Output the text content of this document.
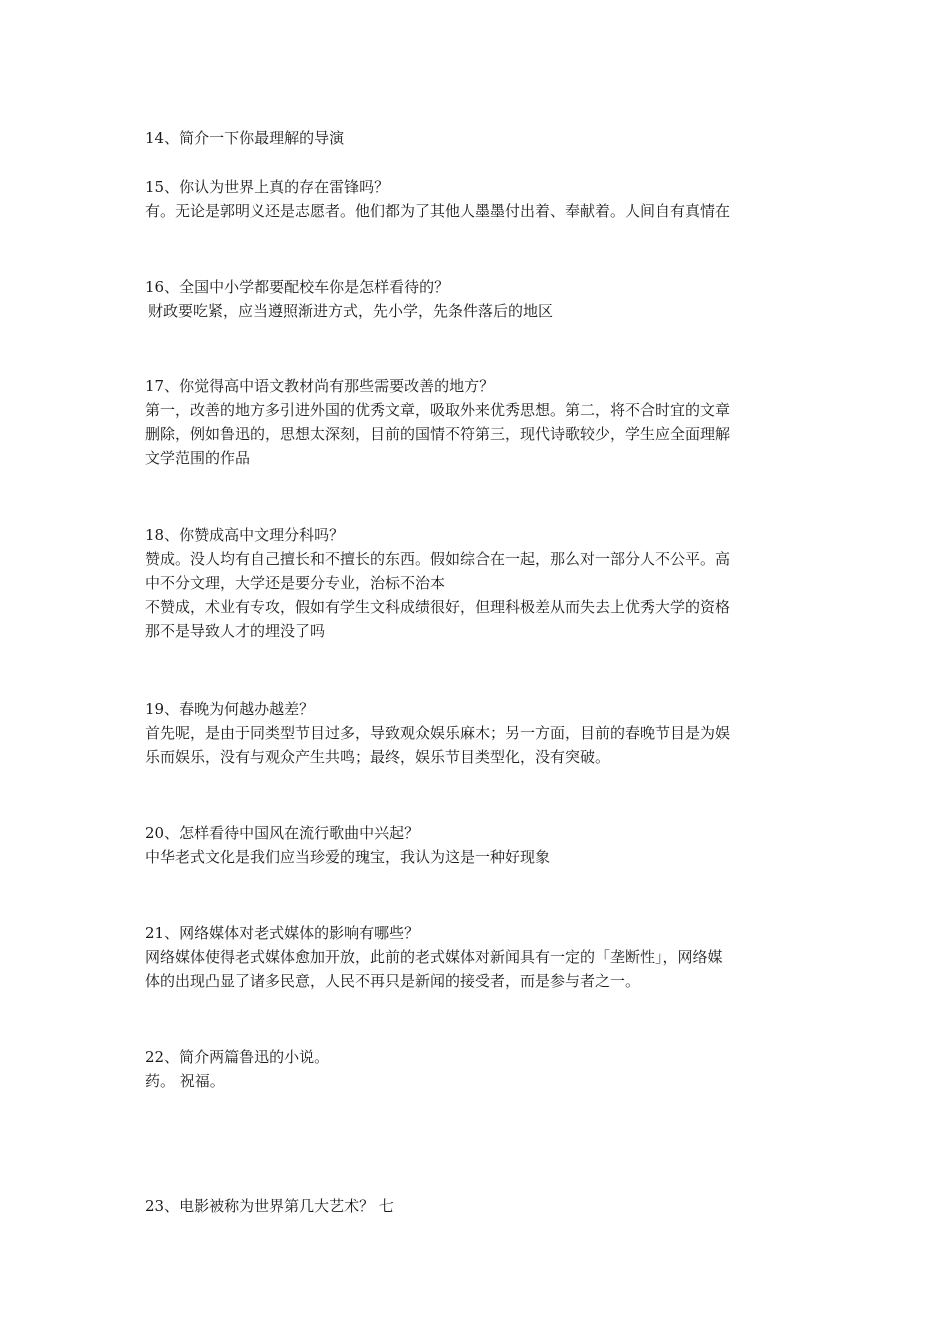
14、简介一下你最理解的导演

15、你认为世界上真的存在雷锋吗？

有。无论是郭明义还是志愿者。他们都为了其他人墨墨付出着、奉献着。人间自有真情在

16、全国中小学都要配校车你是怎样看待的？

财政要吃紧，应当遵照渐进方式，先小学，先条件落后的地区

17、你觉得高中语文教材尚有那些需要改善的地方？

第一，改善的地方多引进外国的优秀文章，吸取外来优秀思想。第二，将不合时宜的文章

删除，例如鲁迅的，思想太深刻，目前的国情不符第三，现代诗歌较少，学生应全面理解

文学范围的作品

18、你赞成高中文理分科吗？

赞成。没人均有自己擅长和不擅长的东西。假如综合在一起，那么对一部分人不公平。高

中不分文理，大学还是要分专业，治标不治本

不赞成，术业有专攻，假如有学生文科成绩很好，但理科极差从而失去上优秀大学的资格

那不是导致人才的埋没了吗

19、春晚为何越办越差？

首先呢，是由于同类型节目过多，导致观众娱乐麻木；另一方面，目前的春晚节目是为娱

乐而娱乐，没有与观众产生共鸣；最终，娱乐节目类型化，没有突破。

20、怎样看待中国风在流行歌曲中兴起？

中华老式文化是我们应当珍爱的瑰宝，我认为这是一种好现象

21、网络媒体对老式媒体的影响有哪些？

网络媒体使得老式媒体愈加开放，此前的老式媒体对新闻具有一定的「垄断性」，网络媒

体的出现凸显了诸多民意，人民不再只是新闻的接受者，而是参与者之一。

22、简介两篇鲁迅的小说。

药。 祝福。

23、电影被称为世界第几大艺术？ 七
